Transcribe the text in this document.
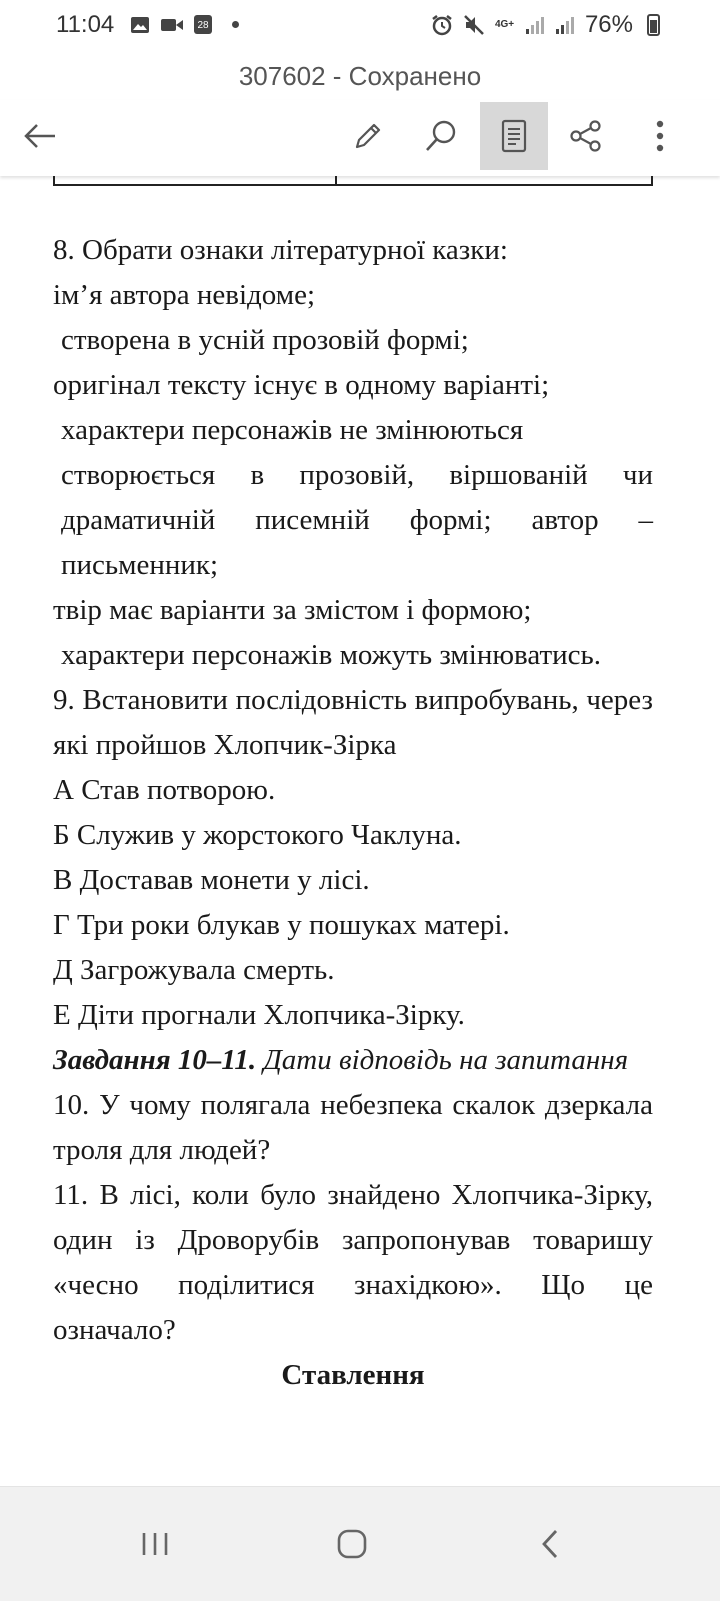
11:04	28	4G+	76%
307602 - Сохранено

8. Обрати ознаки літературної казки:

ім’я автора невідоме;

створена в усній прозовій формі;

оригінал тексту існує в одному варіанті;

характери персонажів не змінюються

створюється в прозовій, віршованій чи драматичній писемній формі; автор – письменник;

твір має варіанти за змістом і формою;

характери персонажів можуть змінюватись.

9. Встановити послідовність випробувань, через які пройшов Хлопчик-Зірка

А Став потворою.

Б Служив у жорстокого Чаклуна.

В Доставав монети у лісі.

Г Три роки блукав у пошуках матері.

Д Загрожувала смерть.

Е Діти прогнали Хлопчика-Зірку.

Завдання 10–11. Дати відповідь на запитання

10. У чому полягала небезпека скалок дзеркала троля для людей?

11. В лісі, коли було знайдено Хлопчика-Зірку, один із Дроворубів запропонував товаришу «чесно поділитися знахідкою». Що це означало?

Ставлення
